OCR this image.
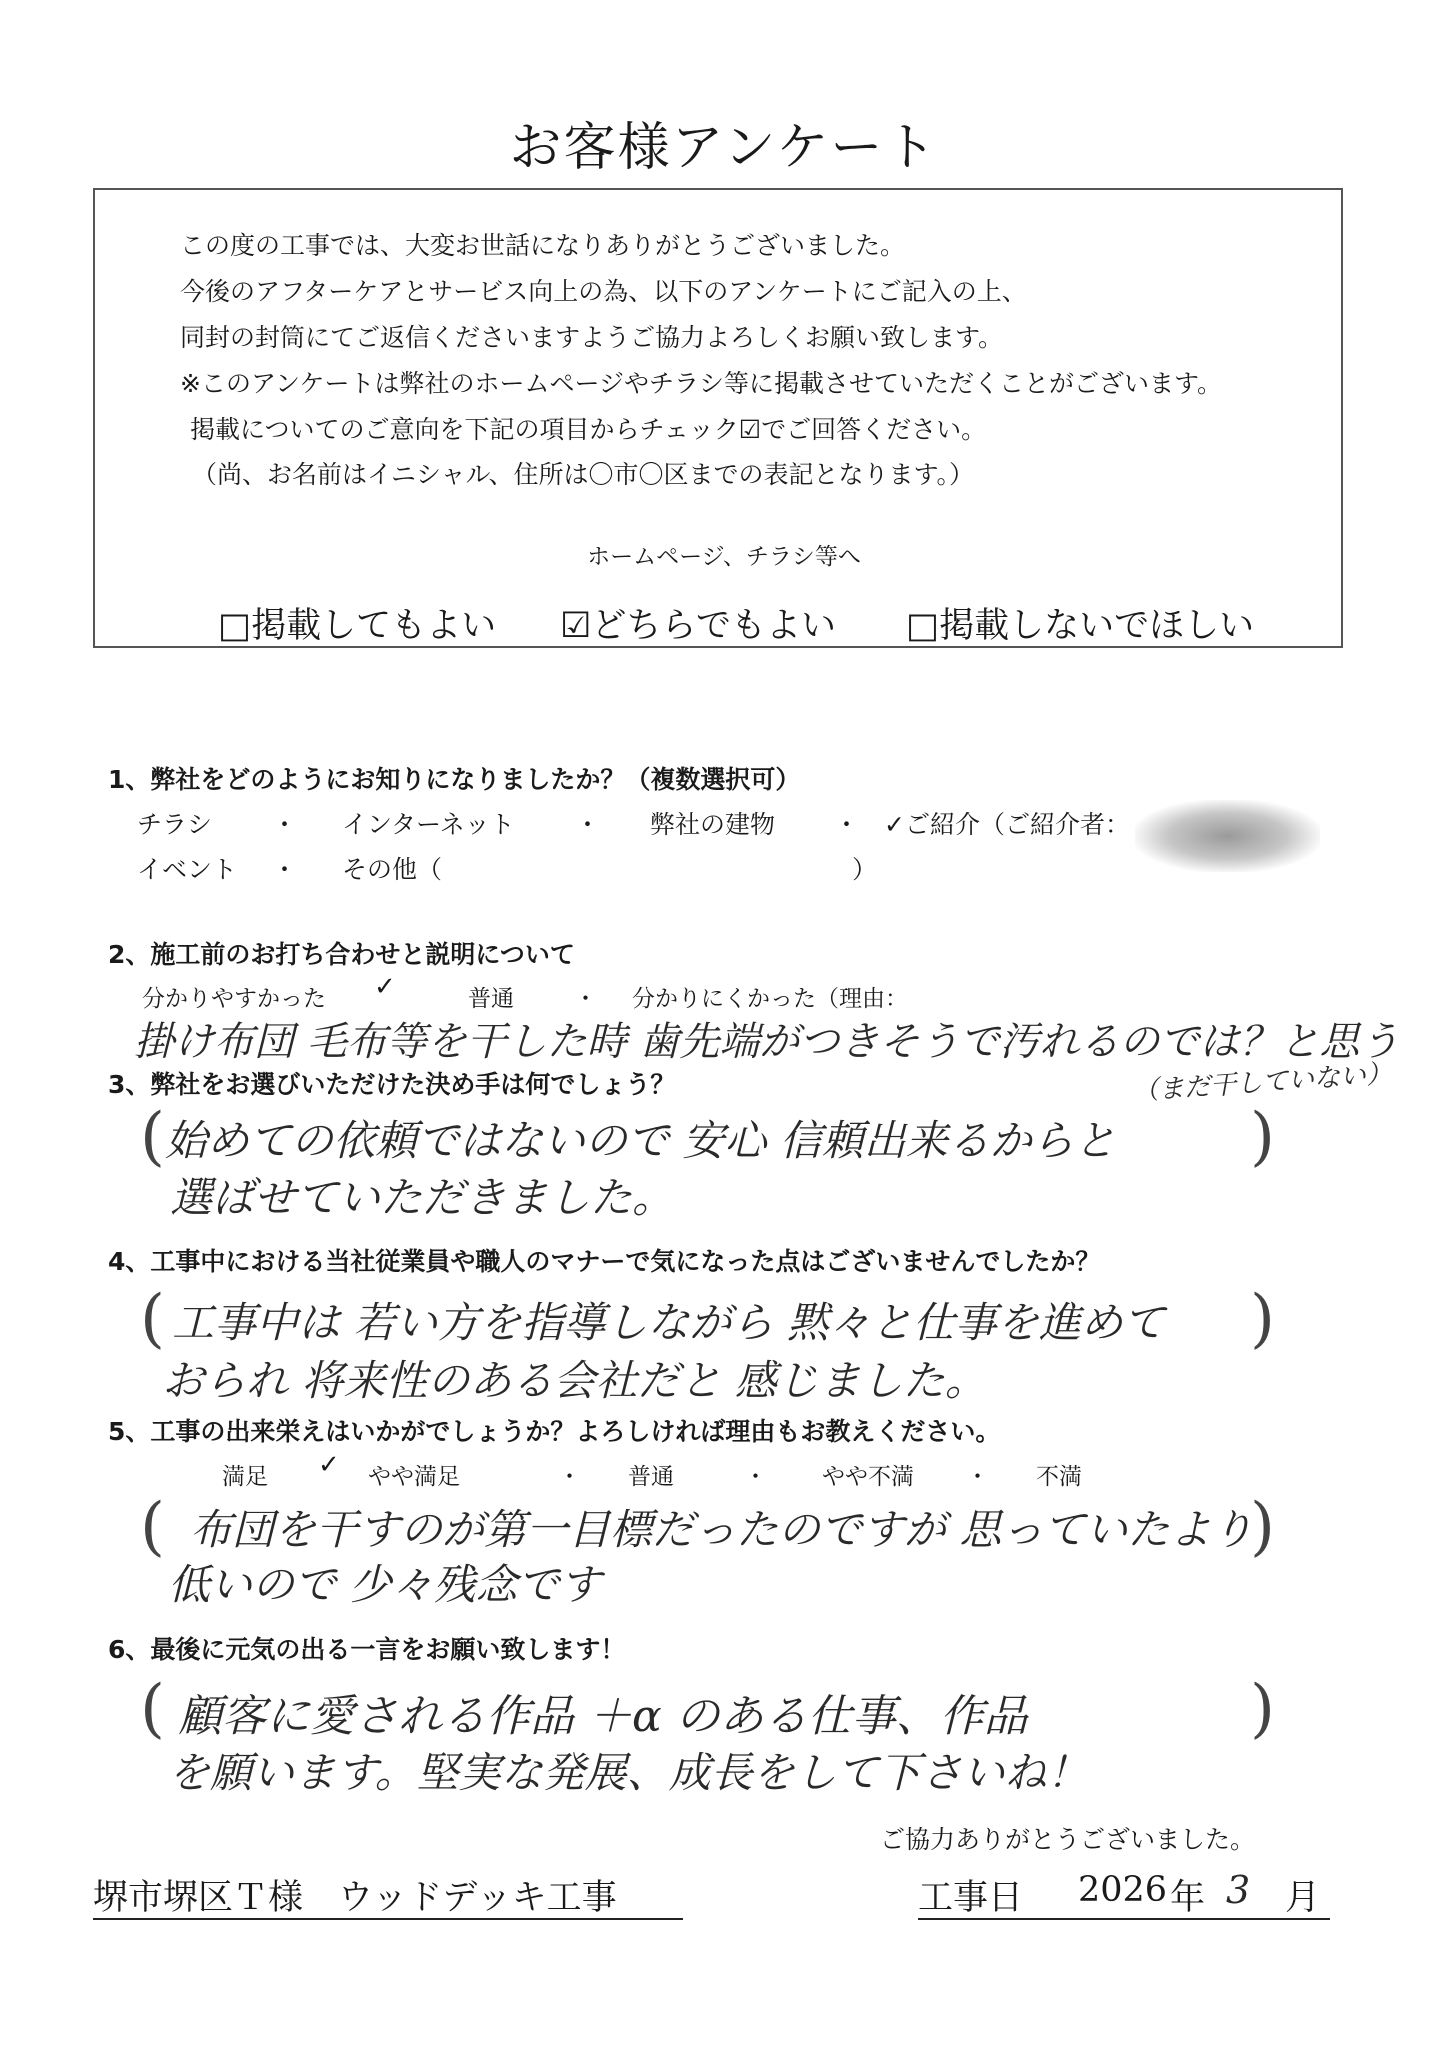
お客様アンケート
この度の工事では、大変お世話になりありがとうございました。
今後のアフターケアとサービス向上の為、以下のアンケートにご記入の上、
同封の封筒にてご返信くださいますようご協力よろしくお願い致します。
※このアンケートは弊社のホームページやチラシ等に掲載させていただくことがございます。
掲載についてのご意向を下記の項目からチェック☑でご回答ください。
（尚、お名前はイニシャル、住所は〇市〇区までの表記となります。）
ホームページ、チラシ等へ
□掲載してもよい ☑どちらでもよい □掲載しないでほしい
1、弊社をどのようにお知りになりましたか？（複数選択可）
チラシ ・ インターネット ・ 弊社の建物 ・ ✓ご紹介（ご紹介者：
イベント ・ その他（	）
2、施工前のお打ち合わせと説明について
分かりやすかった ✓	普通	・ 分かりにくかった（理由：
掛け布団 毛布等を干した時 歯先端がつきそうで汚れるのでは？と思う
（まだ干していない）
3、弊社をお選びいただけた決め手は何でしょう？
(	)
始めての依頼ではないので 安心 信頼出来るからと
選ばせていただきました。
4、工事中における当社従業員や職人のマナーで気になった点はございませんでしたか？
(	)
工事中は 若い方を指導しながら 黙々と仕事を進めて
おられ 将来性のある会社だと 感じました。
5、工事の出来栄えはいかがでしょうか？よろしければ理由もお教えください。
満足 ✓ やや満足	・ 普通	・ やや不満 ・ 不満
(	)
布団を干すのが第一目標だったのですが 思っていたより
低いので 少々残念です
6、最後に元気の出る一言をお願い致します！
(	)
顧客に愛される作品 ＋α のある仕事、作品
を願います。堅実な発展、成長をして下さいね！
ご協力ありがとうございました。
堺市堺区Ｔ様　ウッドデッキ工事	工事日 2026 年 3 月
